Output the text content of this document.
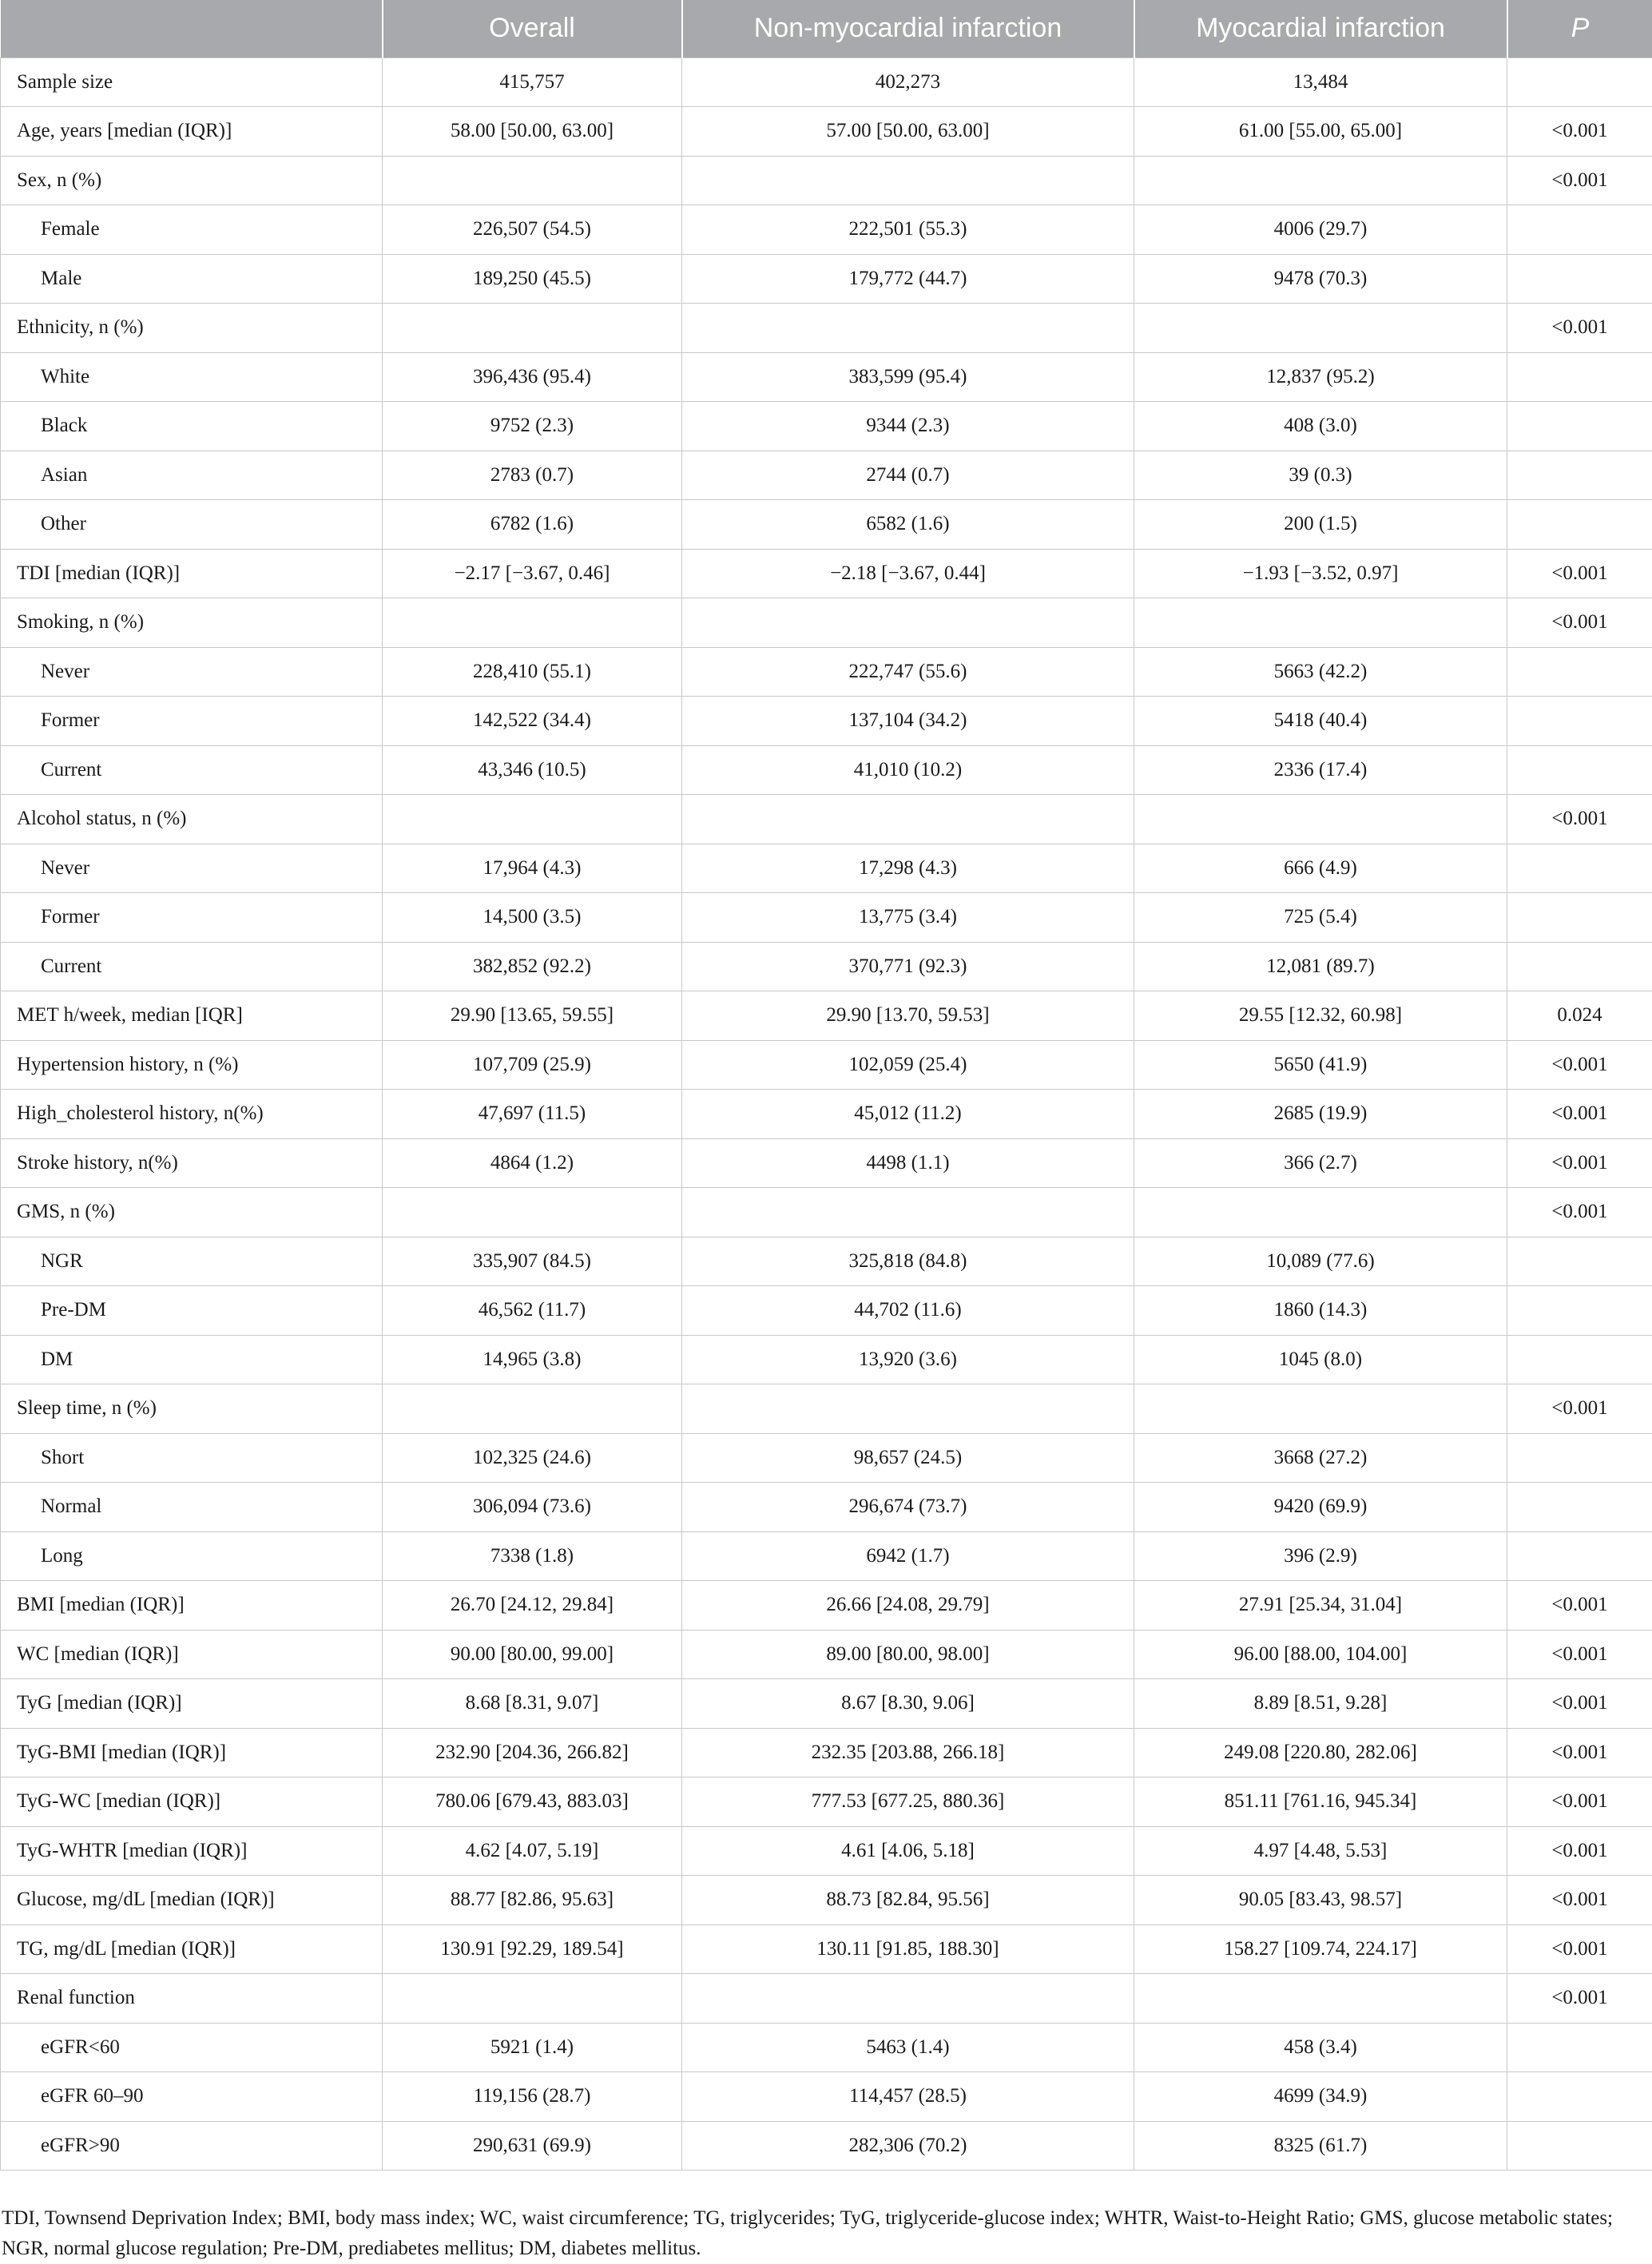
	Overall	Non-myocardial infarction	Myocardial infarction	P
Sample size	415,757	402,273	13,484	
Age, years [median (IQR)]	58.00 [50.00, 63.00]	57.00 [50.00, 63.00]	61.00 [55.00, 65.00]	<0.001
Sex, n (%)				<0.001
Female	226,507 (54.5)	222,501 (55.3)	4006 (29.7)	
Male	189,250 (45.5)	179,772 (44.7)	9478 (70.3)	
Ethnicity, n (%)				<0.001
White	396,436 (95.4)	383,599 (95.4)	12,837 (95.2)	
Black	9752 (2.3)	9344 (2.3)	408 (3.0)	
Asian	2783 (0.7)	2744 (0.7)	39 (0.3)	
Other	6782 (1.6)	6582 (1.6)	200 (1.5)	
TDI [median (IQR)]	−2.17 [−3.67, 0.46]	−2.18 [−3.67, 0.44]	−1.93 [−3.52, 0.97]	<0.001
Smoking, n (%)				<0.001
Never	228,410 (55.1)	222,747 (55.6)	5663 (42.2)	
Former	142,522 (34.4)	137,104 (34.2)	5418 (40.4)	
Current	43,346 (10.5)	41,010 (10.2)	2336 (17.4)	
Alcohol status, n (%)				<0.001
Never	17,964 (4.3)	17,298 (4.3)	666 (4.9)	
Former	14,500 (3.5)	13,775 (3.4)	725 (5.4)	
Current	382,852 (92.2)	370,771 (92.3)	12,081 (89.7)	
MET h/week, median [IQR]	29.90 [13.65, 59.55]	29.90 [13.70, 59.53]	29.55 [12.32, 60.98]	0.024
Hypertension history, n (%)	107,709 (25.9)	102,059 (25.4)	5650 (41.9)	<0.001
High_cholesterol history, n(%)	47,697 (11.5)	45,012 (11.2)	2685 (19.9)	<0.001
Stroke history, n(%)	4864 (1.2)	4498 (1.1)	366 (2.7)	<0.001
GMS, n (%)				<0.001
NGR	335,907 (84.5)	325,818 (84.8)	10,089 (77.6)	
Pre-DM	46,562 (11.7)	44,702 (11.6)	1860 (14.3)	
DM	14,965 (3.8)	13,920 (3.6)	1045 (8.0)	
Sleep time, n (%)				<0.001
Short	102,325 (24.6)	98,657 (24.5)	3668 (27.2)	
Normal	306,094 (73.6)	296,674 (73.7)	9420 (69.9)	
Long	7338 (1.8)	6942 (1.7)	396 (2.9)	
BMI [median (IQR)]	26.70 [24.12, 29.84]	26.66 [24.08, 29.79]	27.91 [25.34, 31.04]	<0.001
WC [median (IQR)]	90.00 [80.00, 99.00]	89.00 [80.00, 98.00]	96.00 [88.00, 104.00]	<0.001
TyG [median (IQR)]	8.68 [8.31, 9.07]	8.67 [8.30, 9.06]	8.89 [8.51, 9.28]	<0.001
TyG-BMI [median (IQR)]	232.90 [204.36, 266.82]	232.35 [203.88, 266.18]	249.08 [220.80, 282.06]	<0.001
TyG-WC [median (IQR)]	780.06 [679.43, 883.03]	777.53 [677.25, 880.36]	851.11 [761.16, 945.34]	<0.001
TyG-WHTR [median (IQR)]	4.62 [4.07, 5.19]	4.61 [4.06, 5.18]	4.97 [4.48, 5.53]	<0.001
Glucose, mg/dL [median (IQR)]	88.77 [82.86, 95.63]	88.73 [82.84, 95.56]	90.05 [83.43, 98.57]	<0.001
TG, mg/dL [median (IQR)]	130.91 [92.29, 189.54]	130.11 [91.85, 188.30]	158.27 [109.74, 224.17]	<0.001
Renal function				<0.001
eGFR<60	5921 (1.4)	5463 (1.4)	458 (3.4)	
eGFR 60–90	119,156 (28.7)	114,457 (28.5)	4699 (34.9)	
eGFR>90	290,631 (69.9)	282,306 (70.2)	8325 (61.7)	
TDI, Townsend Deprivation Index; BMI, body mass index; WC, waist circumference; TG, triglycerides; TyG, triglyceride-glucose index; WHTR, Waist-to-Height Ratio; GMS, glucose metabolic states; NGR, normal glucose regulation; Pre-DM, prediabetes mellitus; DM, diabetes mellitus.
